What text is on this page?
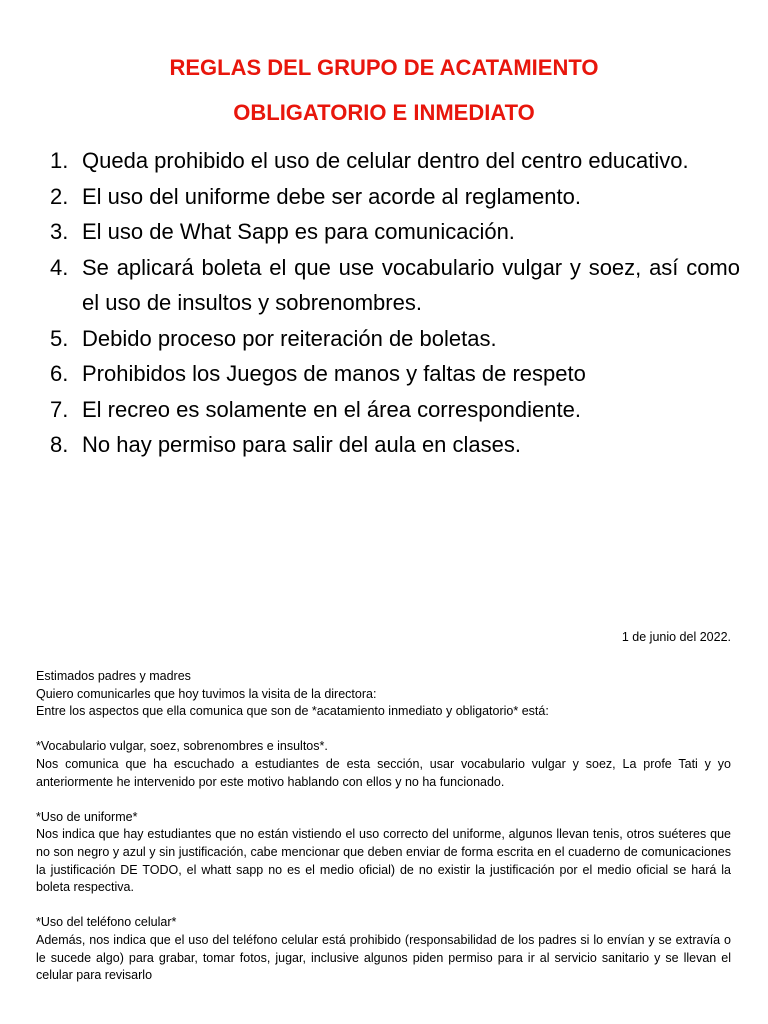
REGLAS DEL GRUPO DE ACATAMIENTO
OBLIGATORIO E INMEDIATO
1. Queda prohibido el uso de celular dentro del centro educativo.
2. El uso del uniforme debe ser acorde al reglamento.
3. El uso de What Sapp es para comunicación.
4. Se aplicará boleta el que use vocabulario vulgar y soez, así como el uso de insultos y sobrenombres.
5. Debido proceso por reiteración de boletas.
6. Prohibidos los Juegos de manos y faltas de respeto
7. El recreo es solamente en el área correspondiente.
8. No hay permiso para salir del aula en clases.
1 de junio del 2022.

Estimados padres y madres

Quiero comunicarles que hoy tuvimos la visita de la directora:

Entre los aspectos que ella comunica que son de *acatamiento inmediato y obligatorio* está:

*Vocabulario vulgar, soez, sobrenombres e insultos*.

Nos comunica que ha escuchado a estudiantes de esta sección, usar vocabulario vulgar y soez, La profe Tati y yo anteriormente he intervenido por este motivo hablando con ellos y no ha funcionado.

*Uso de uniforme*

Nos indica que hay estudiantes que no están vistiendo el uso correcto del uniforme, algunos llevan tenis, otros suéteres que no son negro y azul y sin justificación, cabe mencionar que deben enviar de forma escrita en el cuaderno de comunicaciones la justificación DE TODO, el whatt sapp no es el medio oficial) de no existir la justificación por el medio oficial se hará la boleta respectiva.

*Uso del teléfono celular*

Además, nos indica que el uso del teléfono celular está prohibido (responsabilidad de los padres si lo envían y se extravía o le sucede algo) para grabar, tomar fotos, jugar, inclusive algunos piden permiso para ir al servicio sanitario y se llevan el celular para revisarlo
